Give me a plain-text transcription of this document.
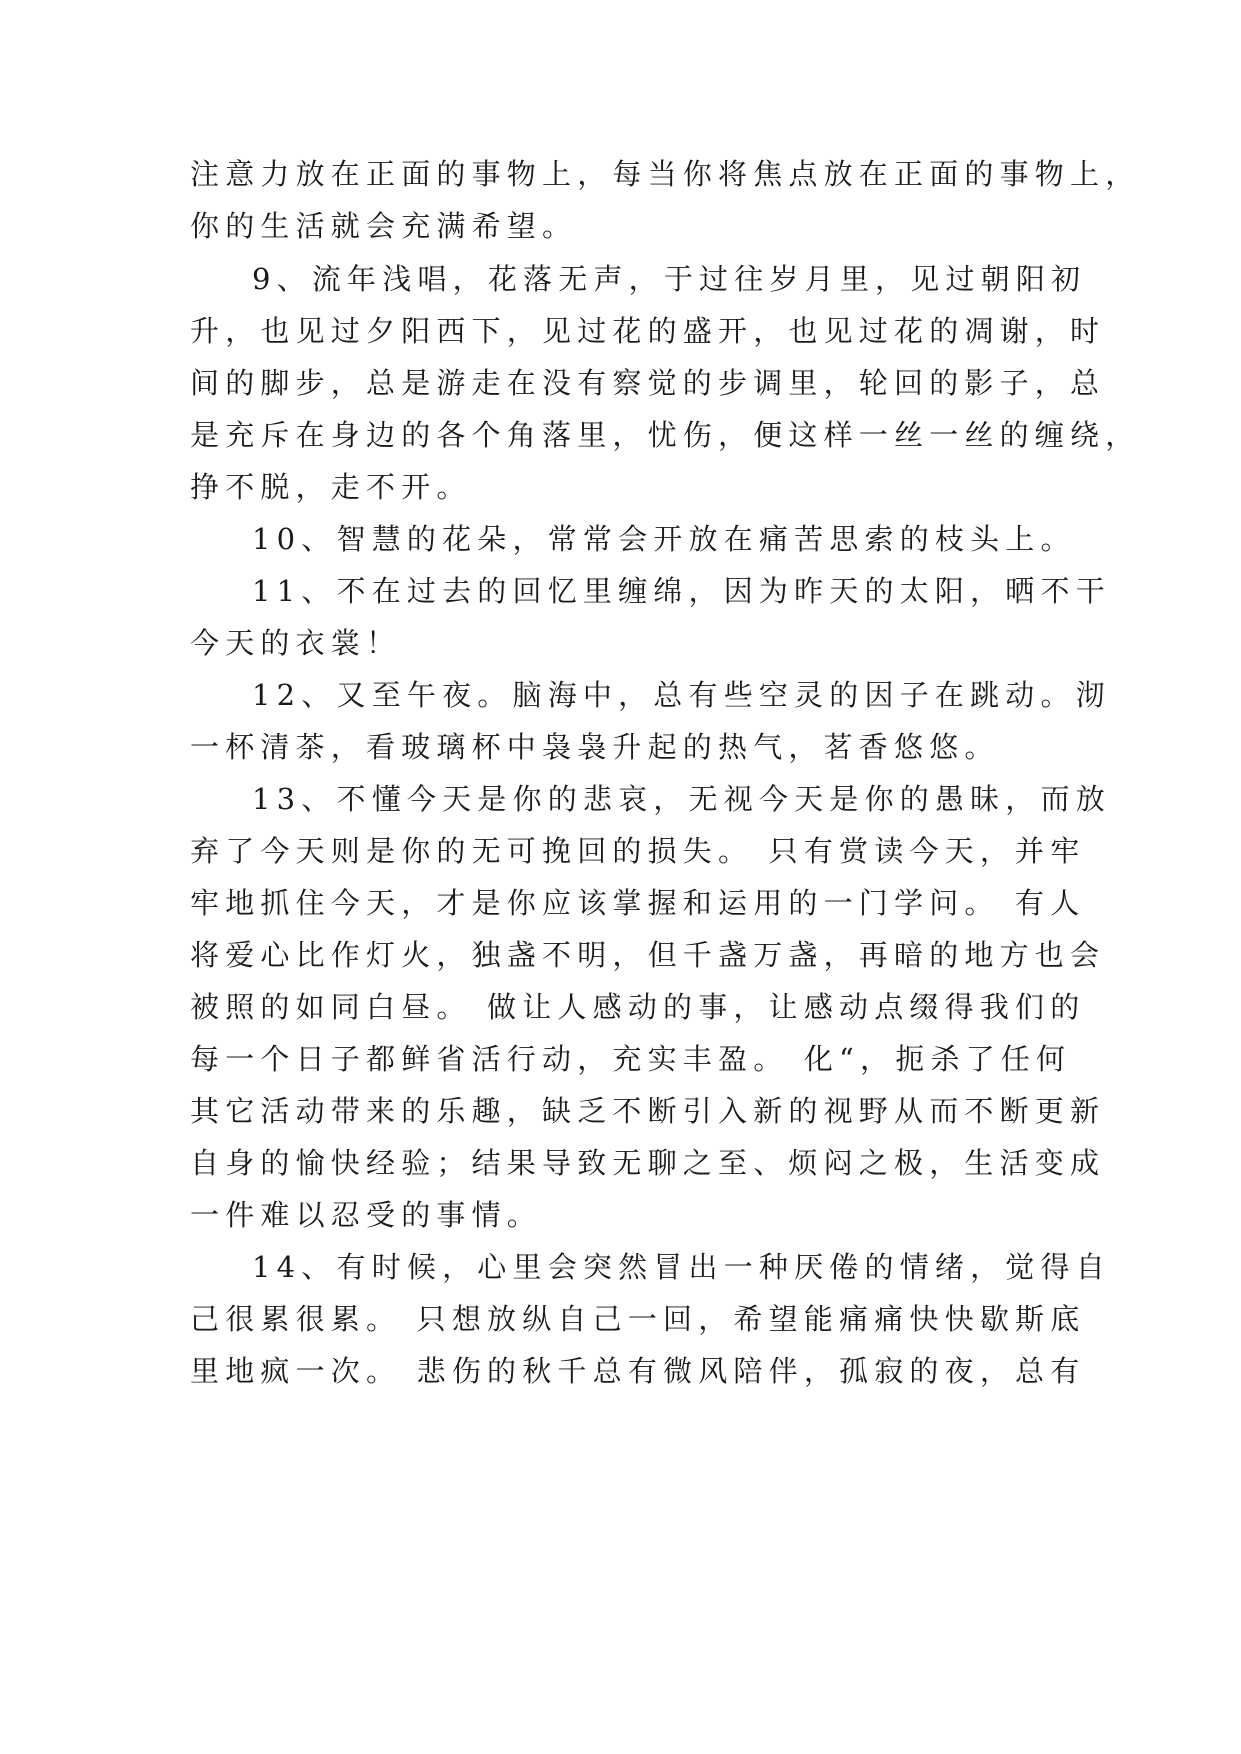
注意力放在正面的事物上，每当你将焦点放在正面的事物上，
你的生活就会充满希望。
9、流年浅唱，花落无声，于过往岁月里，见过朝阳初
升，也见过夕阳西下，见过花的盛开，也见过花的凋谢，时
间的脚步，总是游走在没有察觉的步调里，轮回的影子，总
是充斥在身边的各个角落里，忧伤，便这样一丝一丝的缠绕，
挣不脱，走不开。
10、智慧的花朵，常常会开放在痛苦思索的枝头上。
11、不在过去的回忆里缠绵，因为昨天的太阳，晒不干
今天的衣裳！
12、又至午夜。脑海中，总有些空灵的因子在跳动。沏
一杯清茶，看玻璃杯中袅袅升起的热气，茗香悠悠。
13、不懂今天是你的悲哀，无视今天是你的愚昧，而放
弃了今天则是你的无可挽回的损失。 只有赏读今天，并牢
牢地抓住今天，才是你应该掌握和运用的一门学问。 有人
将爱心比作灯火，独盏不明，但千盏万盏，再暗的地方也会
被照的如同白昼。 做让人感动的事，让感动点缀得我们的
每一个日子都鲜省活行动，充实丰盈。 化“，扼杀了任何
其它活动带来的乐趣，缺乏不断引入新的视野从而不断更新
自身的愉快经验；结果导致无聊之至、烦闷之极，生活变成
一件难以忍受的事情。
14、有时候，心里会突然冒出一种厌倦的情绪，觉得自
己很累很累。 只想放纵自己一回，希望能痛痛快快歇斯底
里地疯一次。 悲伤的秋千总有微风陪伴，孤寂的夜，总有
